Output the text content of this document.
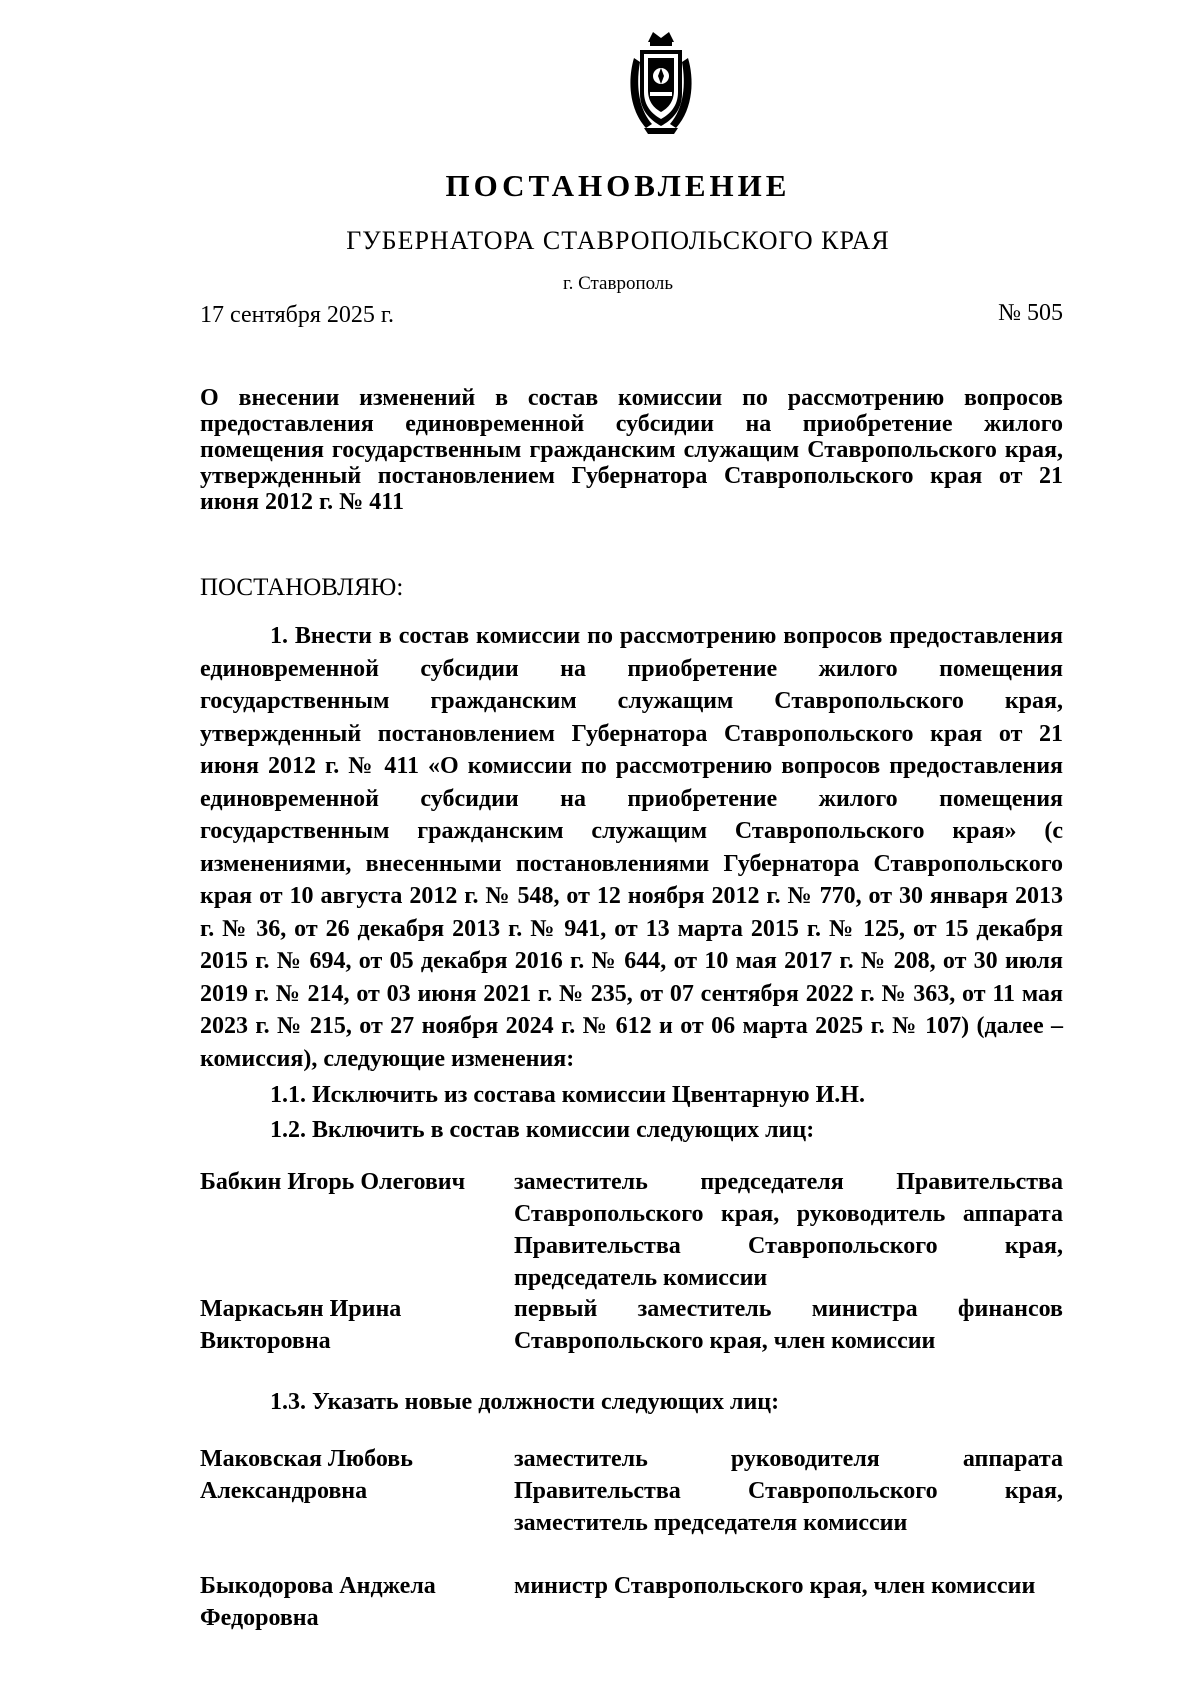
ПОСТАНОВЛЕНИЕ
ГУБЕРНАТОРА СТАВРОПОЛЬСКОГО КРАЯ
г. Ставрополь
17 сентября 2025 г.	№ 505
О внесении изменений в состав комиссии по рассмотрению вопросов предоставления единовременной субсидии на приобретение жилого помещения государственным гражданским служащим Ставропольского края, утвержденный постановлением Губернатора Ставропольского края от 21 июня 2012 г. № 411
ПОСТАНОВЛЯЮ:

1. Внести в состав комиссии по рассмотрению вопросов предоставления единовременной субсидии на приобретение жилого помещения государственным гражданским служащим Ставропольского края, утвержденный постановлением Губернатора Ставропольского края от 21 июня 2012 г. № 411 «О комиссии по рассмотрению вопросов предоставления единовременной субсидии на приобретение жилого помещения государственным гражданским служащим Ставропольского края» (с изменениями, внесенными постановлениями Губернатора Ставропольского края от 10 августа 2012 г. № 548, от 12 ноября 2012 г. № 770, от 30 января 2013 г. № 36, от 26 декабря 2013 г. № 941, от 13 марта 2015 г. № 125, от 15 декабря 2015 г. № 694, от 05 декабря 2016 г. № 644, от 10 мая 2017 г. № 208, от 30 июля 2019 г. № 214, от 03 июня 2021 г. № 235, от 07 сентября 2022 г. № 363, от 11 мая 2023 г. № 215, от 27 ноября 2024 г. № 612 и от 06 марта 2025 г. № 107) (далее – комиссия), следующие изменения:

1.1. Исключить из состава комиссии Цвентарную И.Н.
1.2. Включить в состав комиссии следующих лиц:
Бабкин Игорь Олегович	заместитель председателя Правительства Ставропольского края, руководитель аппарата Правительства Ставропольского края, председатель комиссии
Маркасьян Ирина Викторовна
первый заместитель министра финансов Ставропольского края, член комиссии
1.3. Указать новые должности следующих лиц:
Маковская Любовь Александровна
заместитель руководителя аппарата Правительства Ставропольского края, заместитель председателя комиссии
Быкодорова Анджела Федоровна
министр Ставропольского края, член комиссии
